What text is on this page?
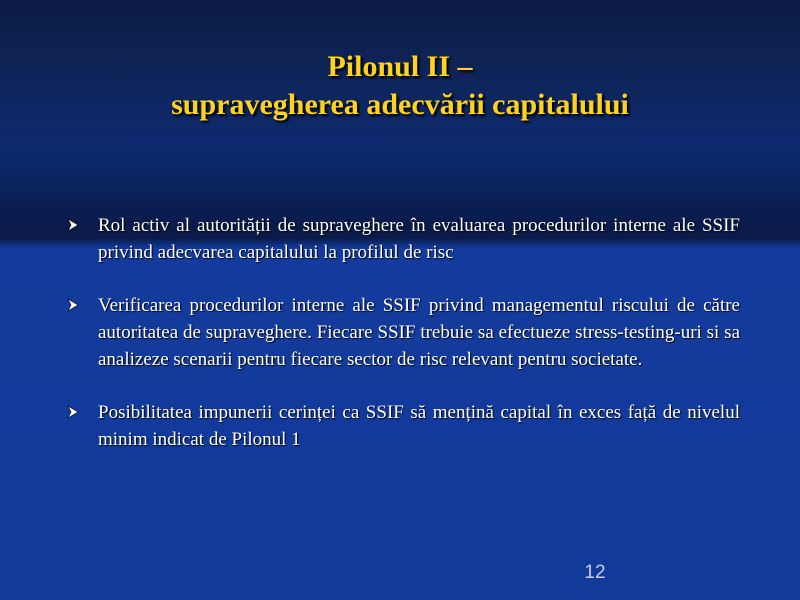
Pilonul II –
supravegherea adecvării capitalului
Rol activ al autorității de supraveghere în evaluarea procedurilor interne ale SSIF privind adecvarea capitalului la profilul de risc
Verificarea procedurilor interne ale SSIF privind managementul riscului de către autoritatea de supraveghere. Fiecare SSIF trebuie sa efectueze stress-testing-uri si sa analizeze scenarii pentru fiecare sector de risc relevant pentru societate.
Posibilitatea impunerii cerinței ca SSIF să mențină capital în exces față de nivelul minim indicat de Pilonul 1
12
